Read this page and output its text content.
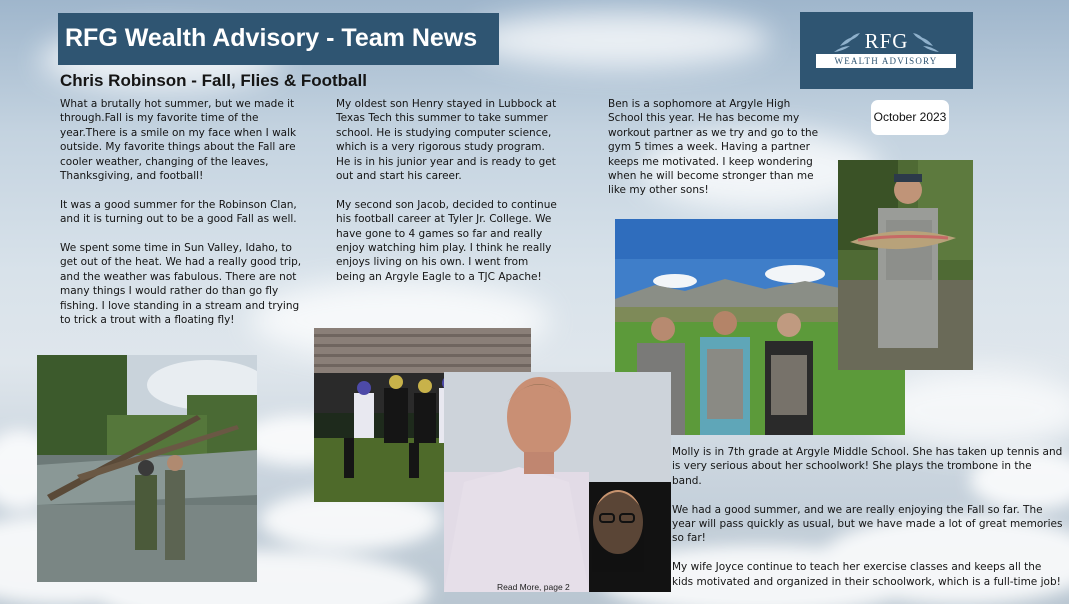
RFG Wealth Advisory - Team News	RFG
WEALTH ADVISORY
October 2023
Chris Robinson - Fall, Flies & Football

What a brutally hot summer, but we made it through.Fall is my favorite time of the year.There is a smile on my face when I walk outside. My favorite things about the Fall are cooler weather, changing of the leaves, Thanksgiving, and football!

It was a good summer for the Robinson Clan, and it is turning out to be a good Fall as well.

We spent some time in Sun Valley, Idaho, to get out of the heat. We had a really good trip, and the weather was fabulous. There are not many things I would rather do than go fly fishing. I love standing in a stream and trying to trick a trout with a floating fly!

My oldest son Henry stayed in Lubbock at Texas Tech this summer to take summer school. He is studying computer science, which is a very rigorous study program. He is in his junior year and is ready to get out and start his career.

My second son Jacob, decided to continue his football career at Tyler Jr. College. We have gone to 4 games so far and really enjoy watching him play. I think he really enjoys living on his own. I went from being an Argyle Eagle to a TJC Apache!

Ben is a sophomore at Argyle High School this year. He has become my workout partner as we try and go to the gym 5 times a week. Having a partner keeps me motivated. I keep wondering when he will become stronger than me like my other sons!

Molly is in 7th grade at Argyle Middle School. She has taken up tennis and is very serious about her schoolwork! She plays the trombone in the band.

We had a good summer, and we are really enjoying the Fall so far. The year will pass quickly as usual, but we have made a lot of great memories so far!

My wife Joyce continue to teach her exercise classes and keeps all the kids motivated and organized in their schoolwork, which is a full-time job!

Read More, page 2
